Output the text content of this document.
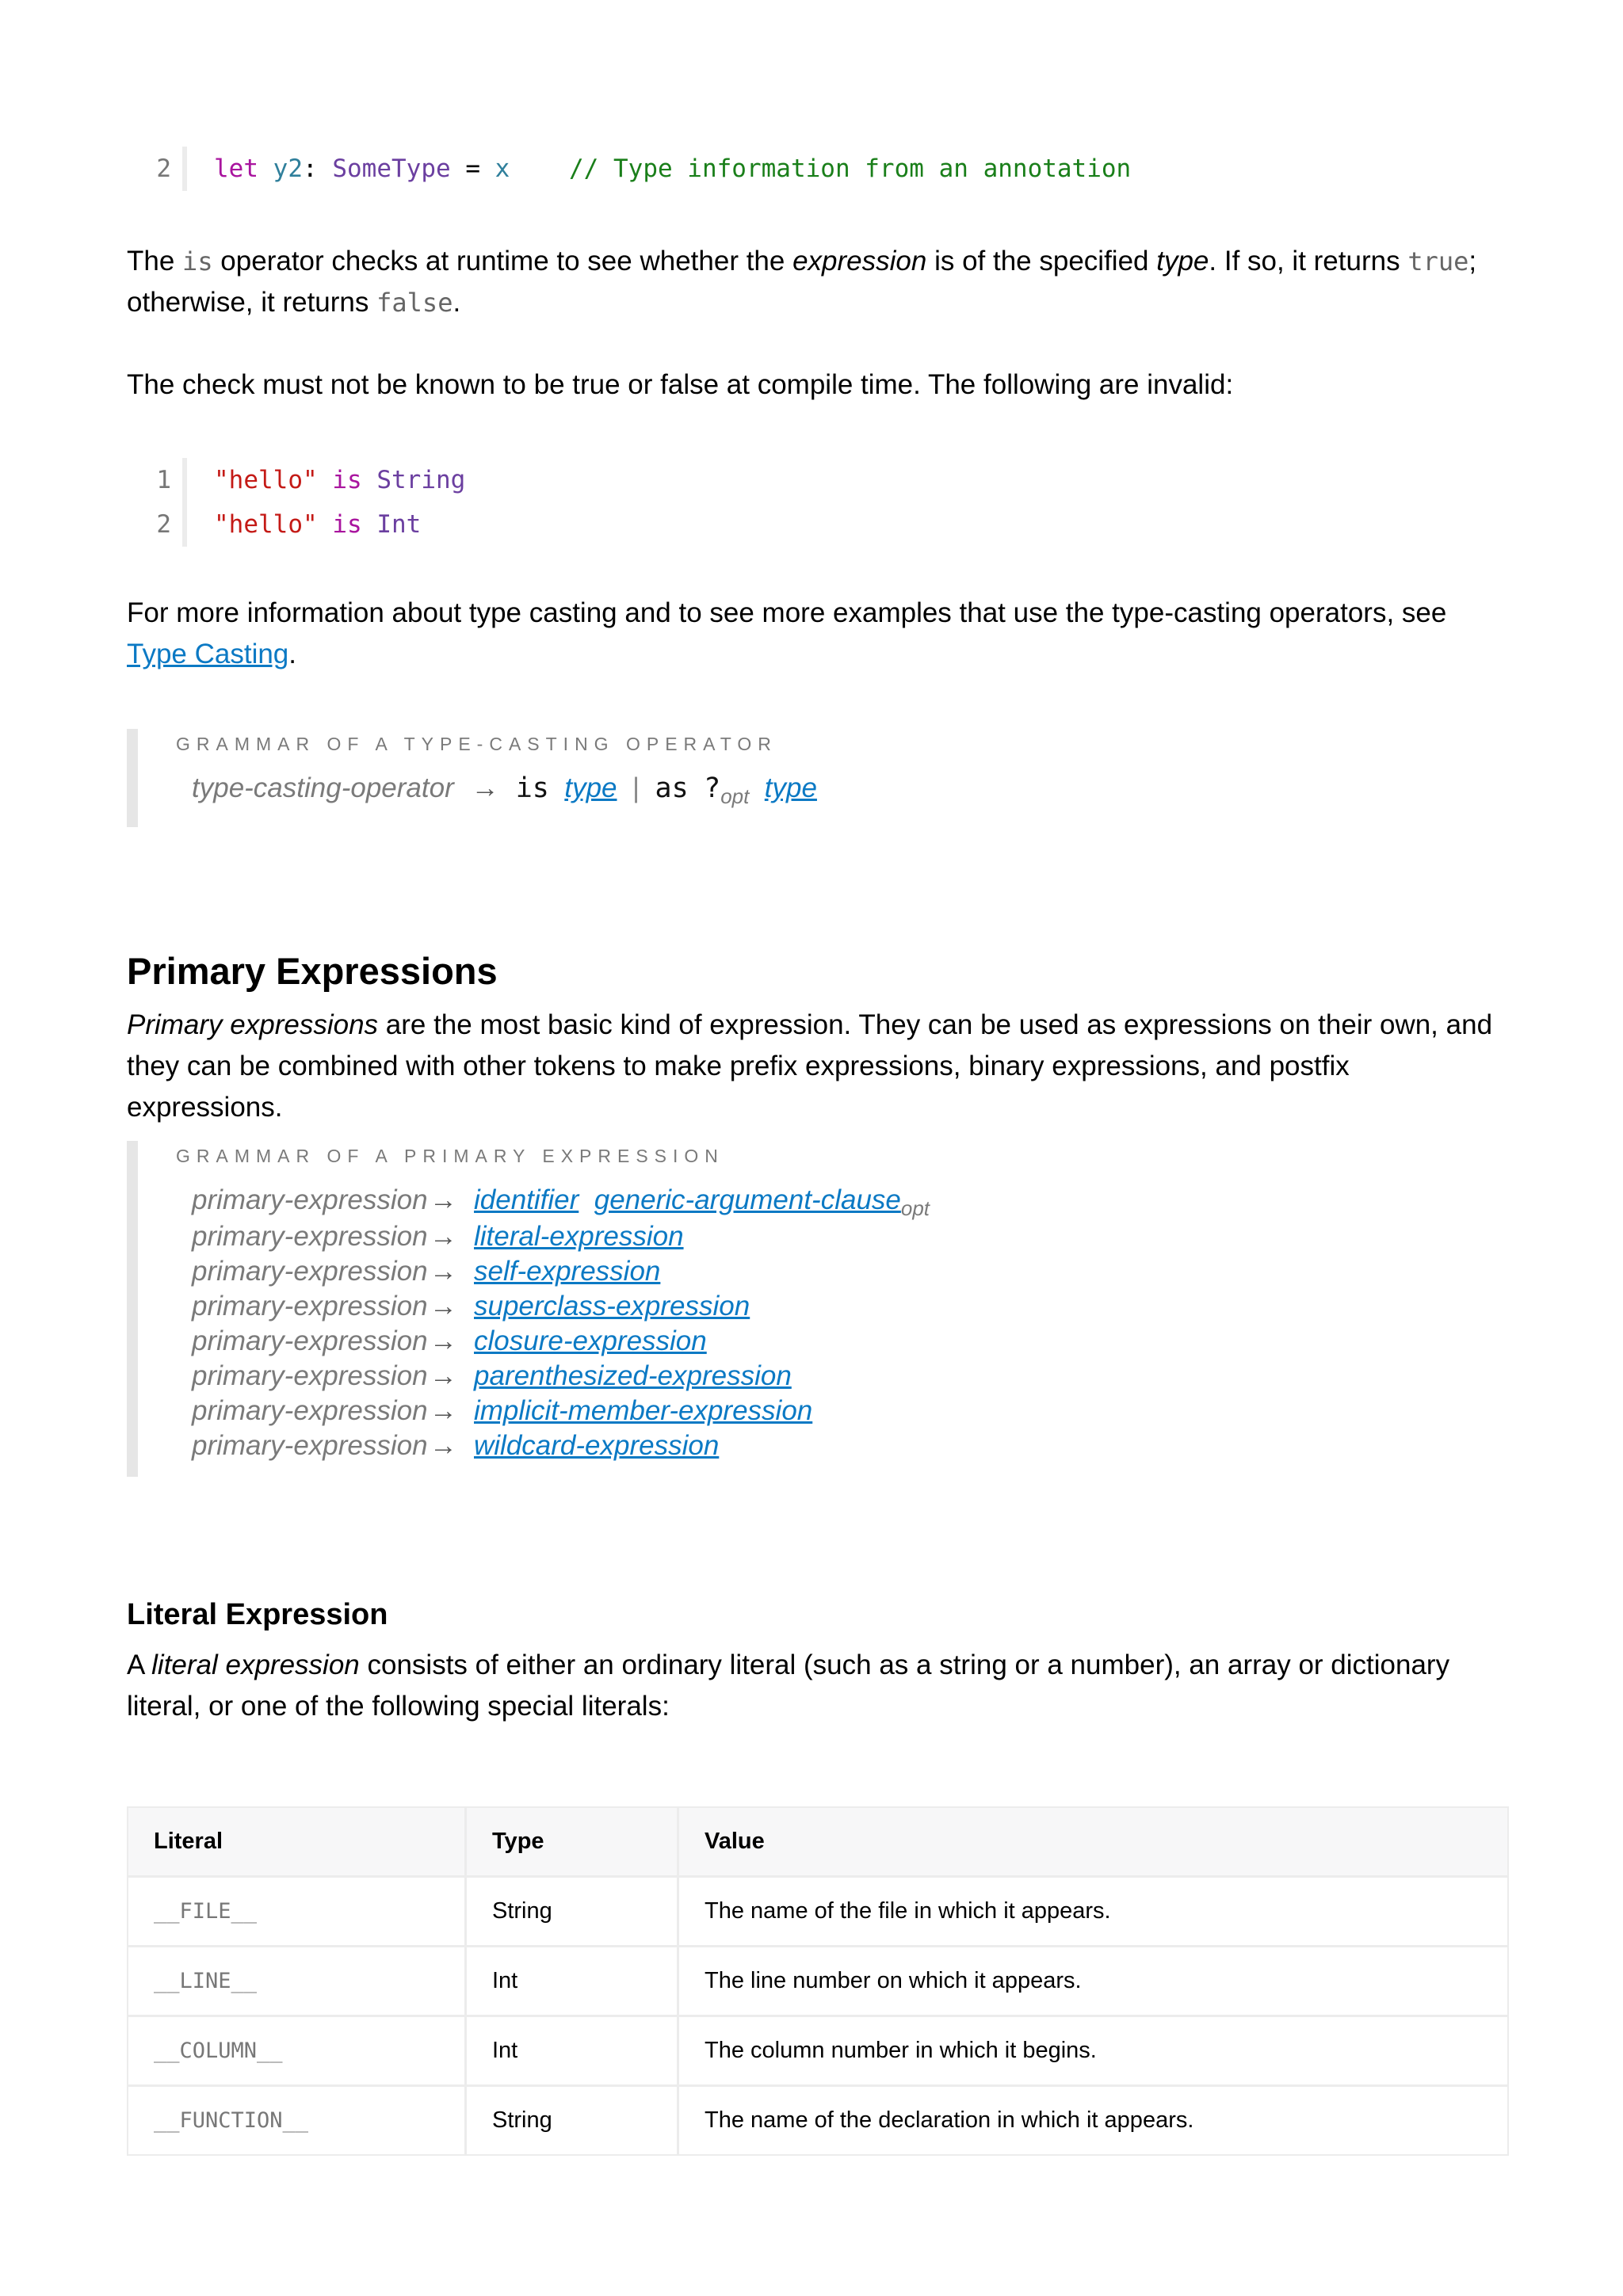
2	let y2: SomeType = x // Type information from an annotation

The is operator checks at runtime to see whether the expression is of the specified type. If so, it returns true; otherwise, it returns false.

The check must not be known to be true or false at compile time. The following are invalid:

1	"hello" is String
2	"hello" is Int

For more information about type casting and to see more examples that use the type-casting operators, see Type Casting.

GRAMMAR OF A TYPE-CASTING OPERATOR
type-casting-operator → is type | as $?_{opt}$ type
Primary Expressions

Primary expressions are the most basic kind of expression. They can be used as expressions on their own, and they can be combined with other tokens to make prefix expressions, binary expressions, and postfix expressions.

GRAMMAR OF A PRIMARY EXPRESSION
primary-expression → identifier generic-argument-clause$_{opt}$
primary-expression → literal-expression
primary-expression → self-expression
primary-expression → superclass-expression
primary-expression → closure-expression
primary-expression → parenthesized-expression
primary-expression → implicit-member-expression
primary-expression → wildcard-expression
Literal Expression

A literal expression consists of either an ordinary literal (such as a string or a number), an array or dictionary literal, or one of the following special literals:

Literal	Type	Value
__FILE__	String	The name of the file in which it appears.
__LINE__	Int	The line number on which it appears.
__COLUMN__	Int	The column number in which it begins.
__FUNCTION__	String	The name of the declaration in which it appears.
